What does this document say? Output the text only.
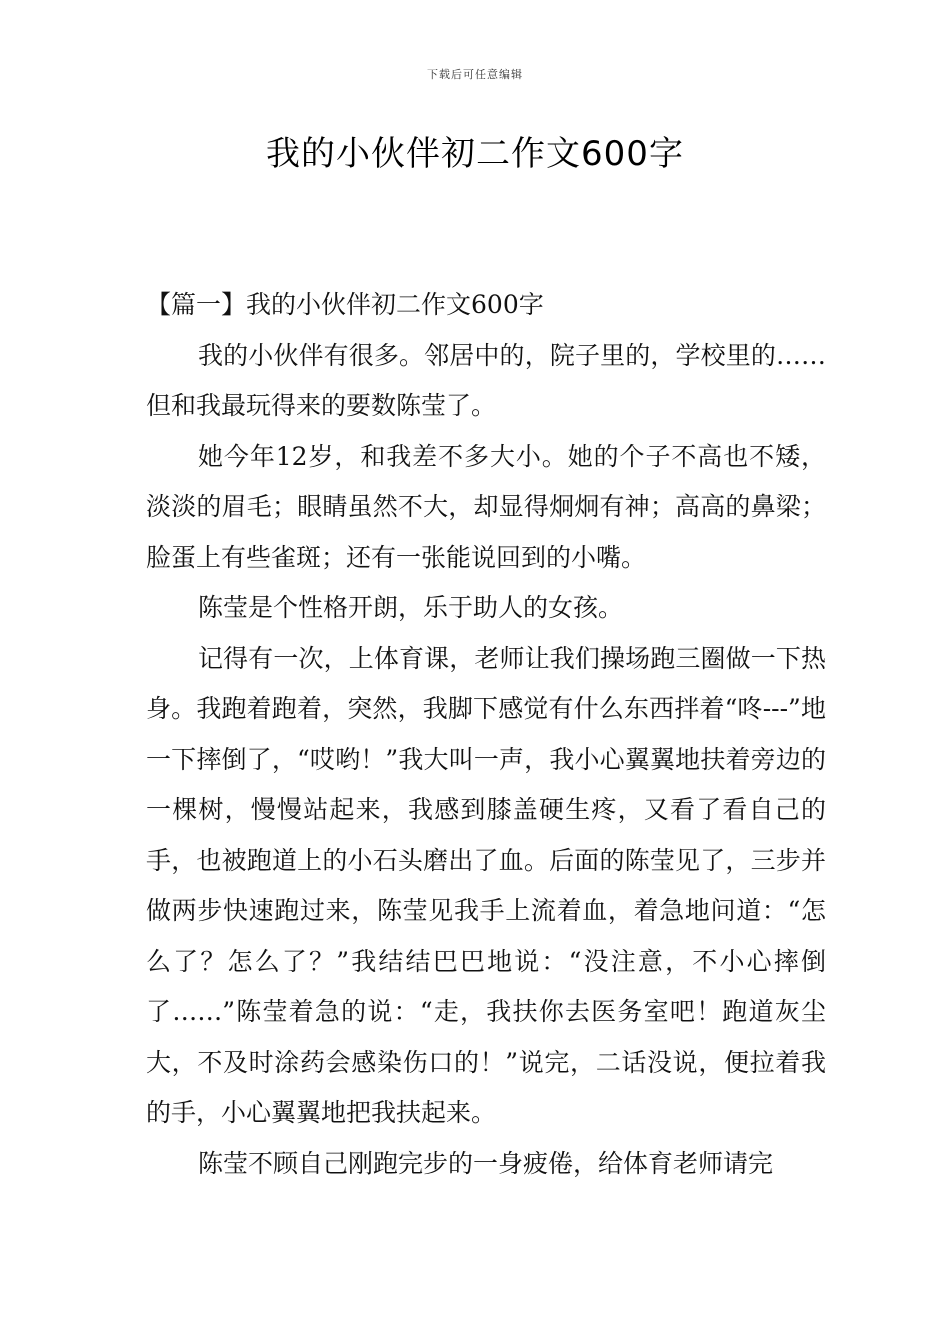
下载后可任意编辑
我的小伙伴初二作文600字

【篇一】我的小伙伴初二作文600字

我的小伙伴有很多。邻居中的，院子里的，学校里的……但和我最玩得来的要数陈莹了。

她今年12岁，和我差不多大小。她的个子不高也不矮，淡淡的眉毛；眼睛虽然不大，却显得炯炯有神；高高的鼻梁；脸蛋上有些雀斑；还有一张能说回到的小嘴。

陈莹是个性格开朗，乐于助人的女孩。

记得有一次，上体育课，老师让我们操场跑三圈做一下热身。我跑着跑着，突然，我脚下感觉有什么东西拌着“咚---”地一下摔倒了，“哎哟！”我大叫一声，我小心翼翼地扶着旁边的一棵树，慢慢站起来，我感到膝盖硬生疼，又看了看自己的手，也被跑道上的小石头磨出了血。后面的陈莹见了，三步并做两步快速跑过来，陈莹见我手上流着血，着急地问道：“怎么了？怎么了？”我结结巴巴地说：“没注意，不小心摔倒了……”陈莹着急的说：“走，我扶你去医务室吧！跑道灰尘大，不及时涂药会感染伤口的！”说完，二话没说，便拉着我的手，小心翼翼地把我扶起来。

陈莹不顾自己刚跑完步的一身疲倦，给体育老师请完
